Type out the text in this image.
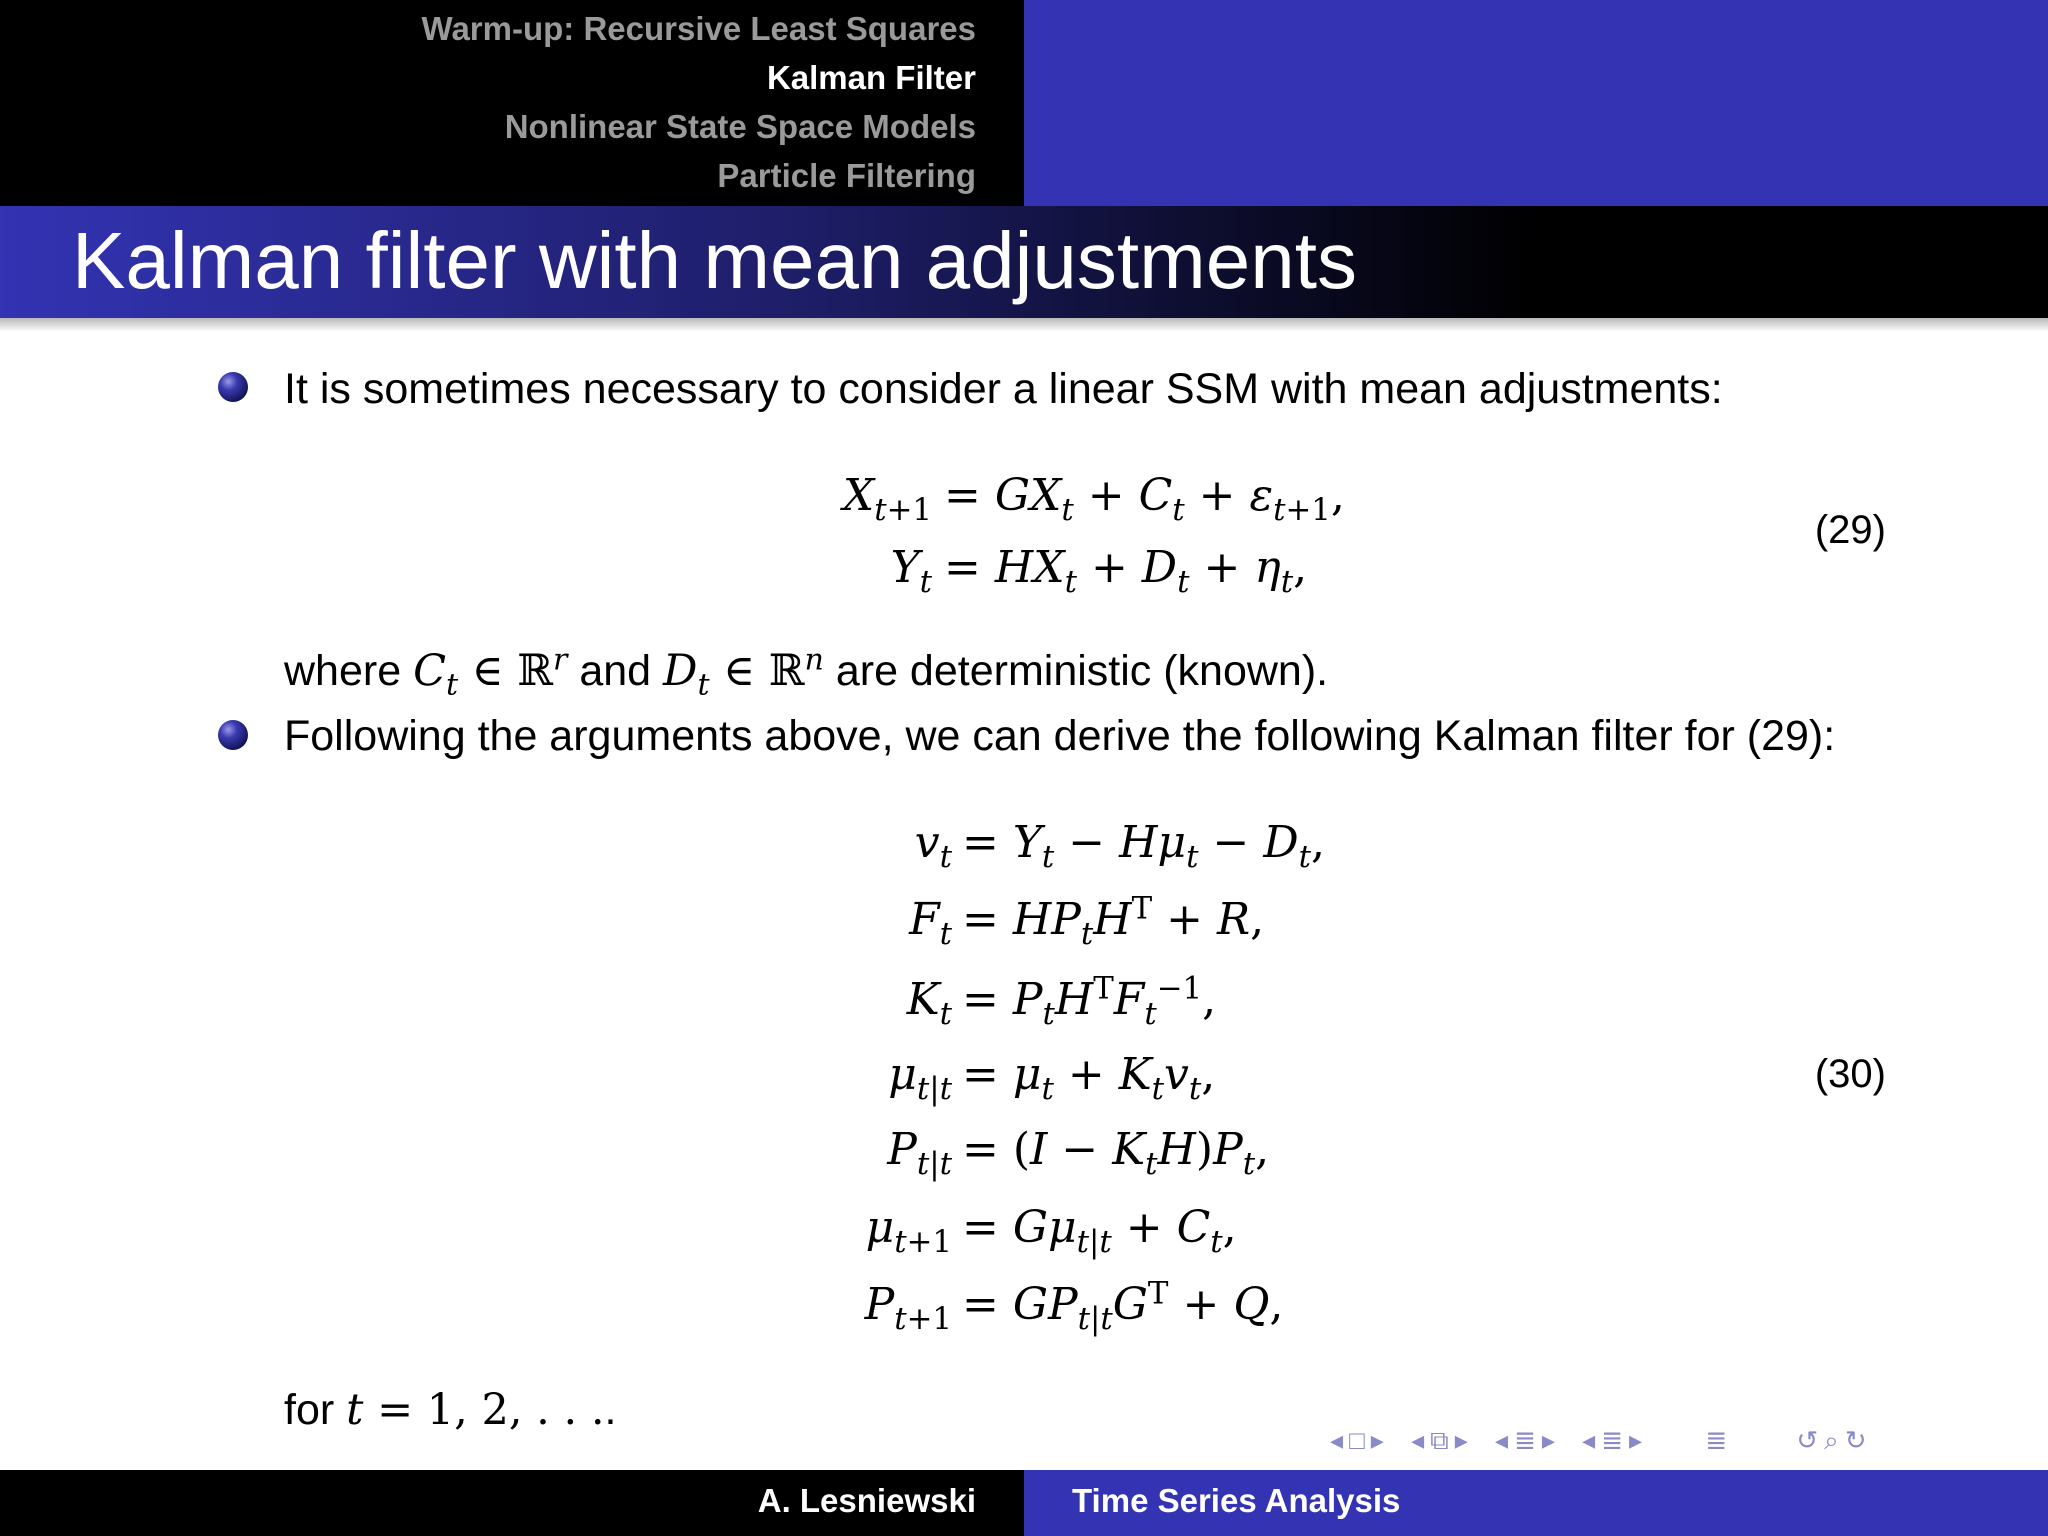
Warm-up: Recursive Least Squares
Kalman Filter
Nonlinear State Space Models
Particle Filtering
Kalman filter with mean adjustments
It is sometimes necessary to consider a linear SSM with mean adjustments:
$X_{t+1} = GX_t + C_t + \varepsilon_{t+1}$,
$Y_t = HX_t + D_t + \eta_t$,
(29)
where $C_t$ ∈ ℝ$^r$ and $D_t$ ∈ ℝ$^n$ are deterministic (known).
Following the arguments above, we can derive the following Kalman filter for (29):
$v_t = Y_t - H\mu_t - D_t$,
$F_t = HP_tH^T + R$,
$K_t = P_tH^TF_t^{-1}$,
$\mu_{t|t} = \mu_t + K_tv_t$,
$P_{t|t} = (I - K_tH)P_t$,
$\mu_{t+1} = G\mu_{t|t} + C_t$,
$P_{t+1} = GP_{t|t}G^T + Q$,
(30)
for t = 1, 2, . . ..
◂ □ ▸ ◂ ⧉ ▸ ◂ ≣ ▸ ◂ ≣ ▸ ≣	↺ ⌕ ↻
A. Lesniewski	Time Series Analysis
